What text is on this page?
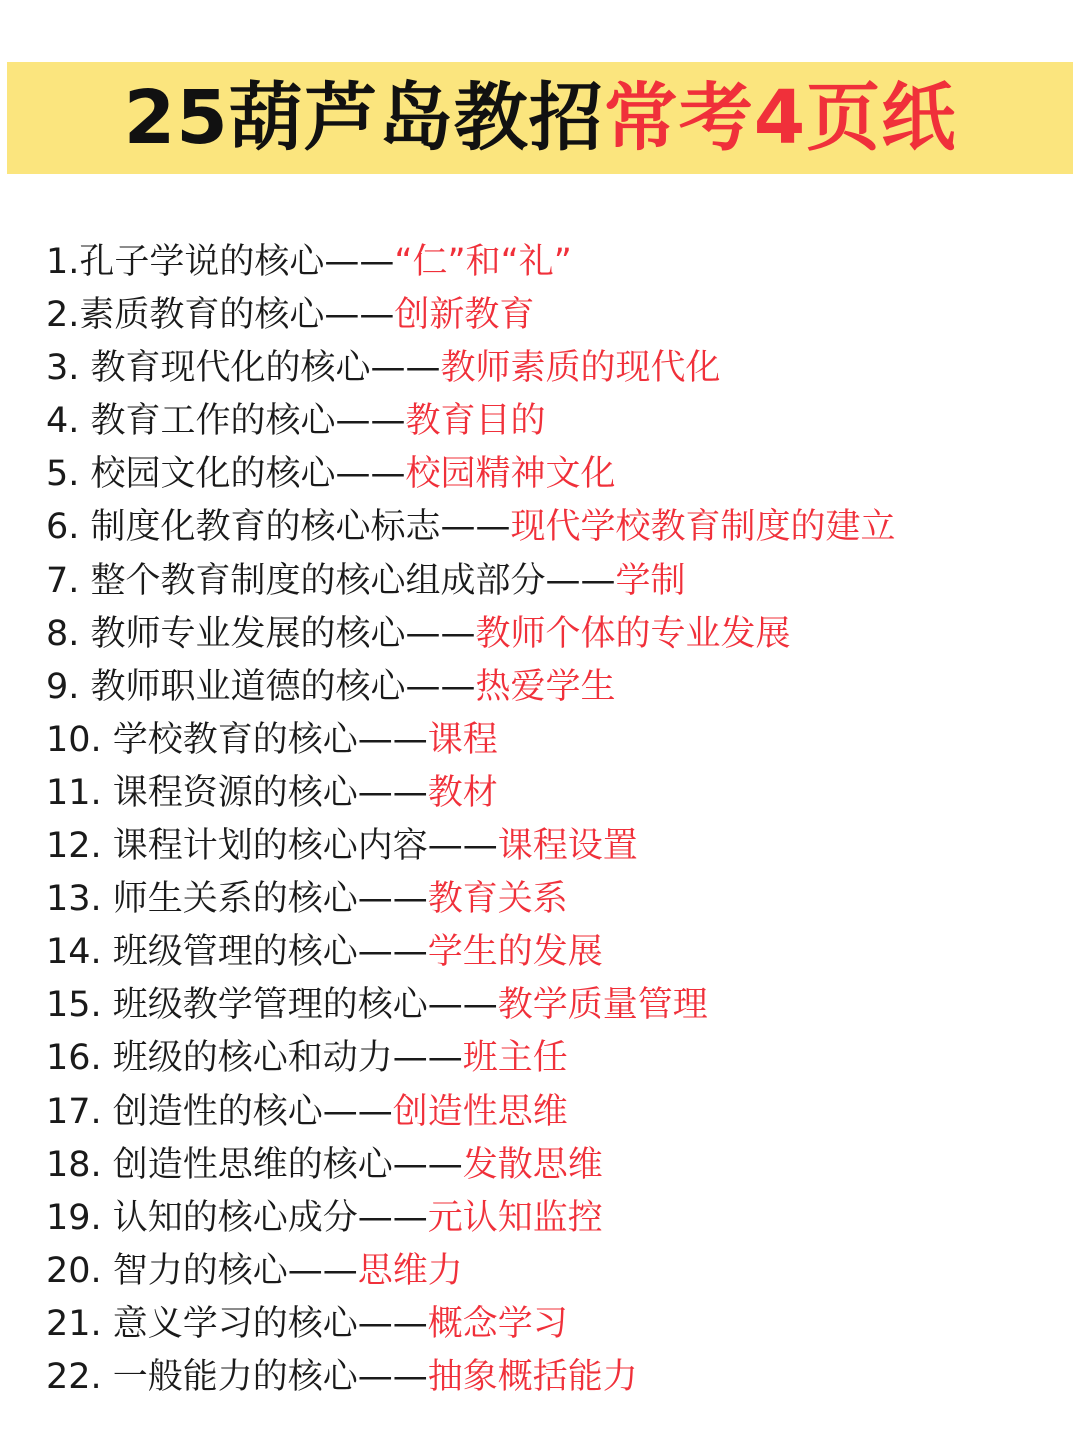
25葫芦岛教招常考4页纸
1.孔子学说的核心——“仁”和“礼”
2.素质教育的核心——创新教育
3. 教育现代化的核心——教师素质的现代化
4. 教育工作的核心——教育目的
5. 校园文化的核心——校园精神文化
6. 制度化教育的核心标志——现代学校教育制度的建立
7. 整个教育制度的核心组成部分——学制
8. 教师专业发展的核心——教师个体的专业发展
9. 教师职业道德的核心——热爱学生
10. 学校教育的核心——课程
11. 课程资源的核心——教材
12. 课程计划的核心内容——课程设置
13. 师生关系的核心——教育关系
14. 班级管理的核心——学生的发展
15. 班级教学管理的核心——教学质量管理
16. 班级的核心和动力——班主任
17. 创造性的核心——创造性思维
18. 创造性思维的核心——发散思维
19. 认知的核心成分——元认知监控
20. 智力的核心——思维力
21. 意义学习的核心——概念学习
22. 一般能力的核心——抽象概括能力
